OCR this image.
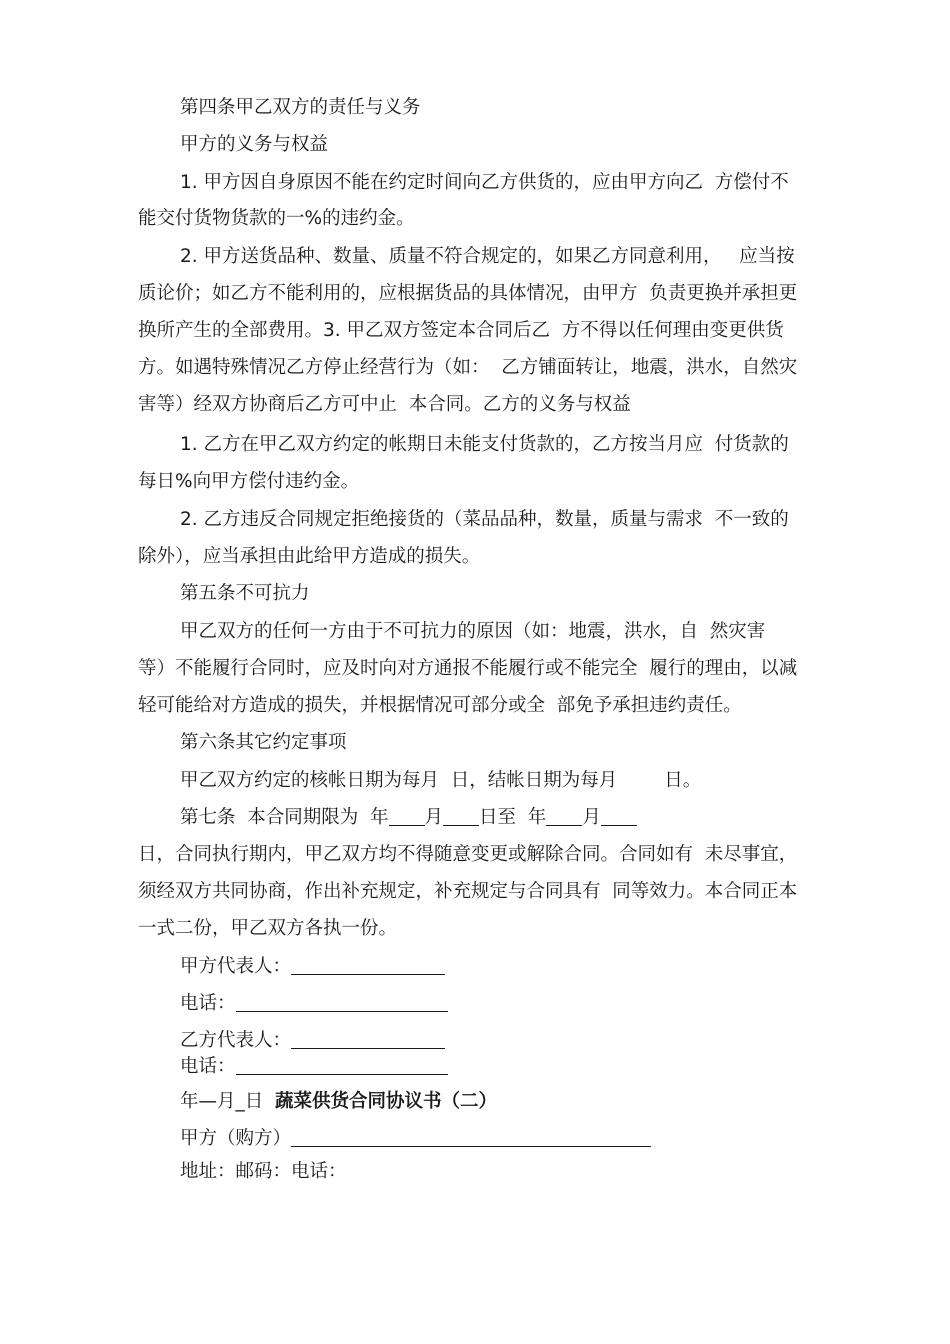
第四条甲乙双方的责任与义务
甲方的义务与权益
1. 甲方因自身原因不能在约定时间向乙方供货的，应由甲方向乙  方偿付不
能交付货物货款的一%的违约金。
2. 甲方送货品种、数量、质量不符合规定的，如果乙方同意利用，   应当按
质论价；如乙方不能利用的，应根据货品的具体情况，由甲方  负责更换并承担更
换所产生的全部费用。3. 甲乙双方签定本合同后乙  方不得以任何理由变更供货
方。如遇特殊情况乙方停止经营行为（如：  乙方铺面转让，地震，洪水，自然灾
害等）经双方协商后乙方可中止  本合同。乙方的义务与权益
1. 乙方在甲乙双方约定的帐期日未能支付货款的，乙方按当月应  付货款的
每日%向甲方偿付违约金。
2. 乙方违反合同规定拒绝接货的（菜品品种，数量，质量与需求  不一致的
除外），应当承担由此给甲方造成的损失。
第五条不可抗力
甲乙双方的任何一方由于不可抗力的原因（如：地震，洪水，自  然灾害
等）不能履行合同时，应及时向对方通报不能履行或不能完全  履行的理由，以减
轻可能给对方造成的损失，并根据情况可部分或全  部免予承担违约责任。
第六条其它约定事项
甲乙双方约定的核帐日期为每月  日，结帐日期为每月        日。
第七条  本合同期限为  年 月 日至  年 月
日，合同执行期内，甲乙双方均不得随意变更或解除合同。合同如有  未尽事宜，
须经双方共同协商，作出补充规定，补充规定与合同具有  同等效力。本合同正本
一式二份，甲乙双方各执一份。
甲方代表人：
电话：
乙方代表人：
电话：
年—月_日  蔬菜供货合同协议书（二）
甲方（购方）
地址：邮码：电话：
